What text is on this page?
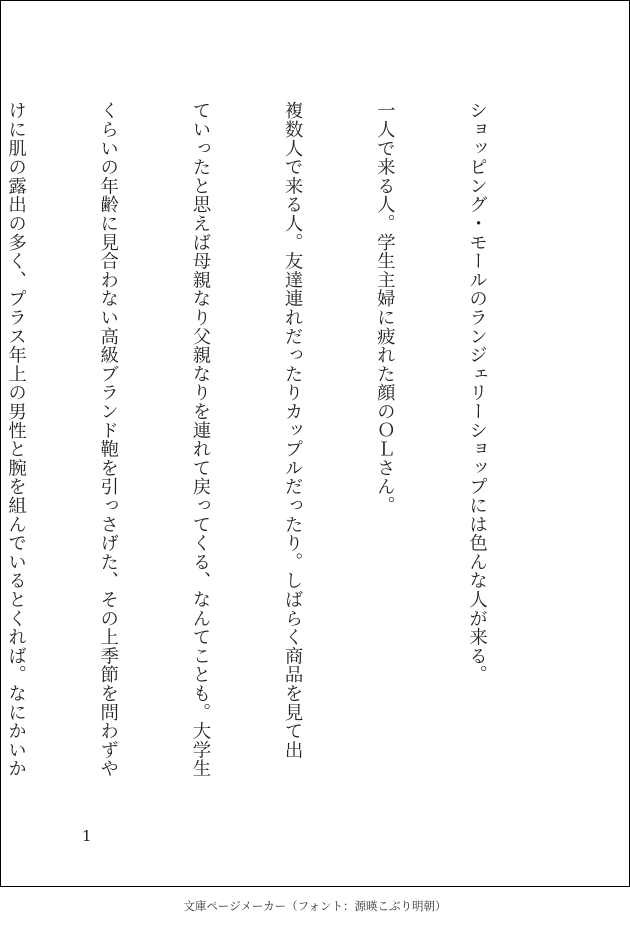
ショッピング・モールのランジェリーショップには色んな人が来る。

一人で来る人。学生主婦に疲れた顔のＯＬさん。

複数人で来る人。友達連れだったりカップルだったり。しばらく商品を見て出

ていったと思えば母親なり父親なりを連れて戻ってくる、なんてことも。大学生

くらいの年齢に見合わない高級ブランド鞄を引っさげた、その上季節を問わずや

けに肌の露出の多く、プラス年上の男性と腕を組んでいるとくれば。なにかいか

1
文庫ページメーカー（フォント：源暎こぶり明朝）
